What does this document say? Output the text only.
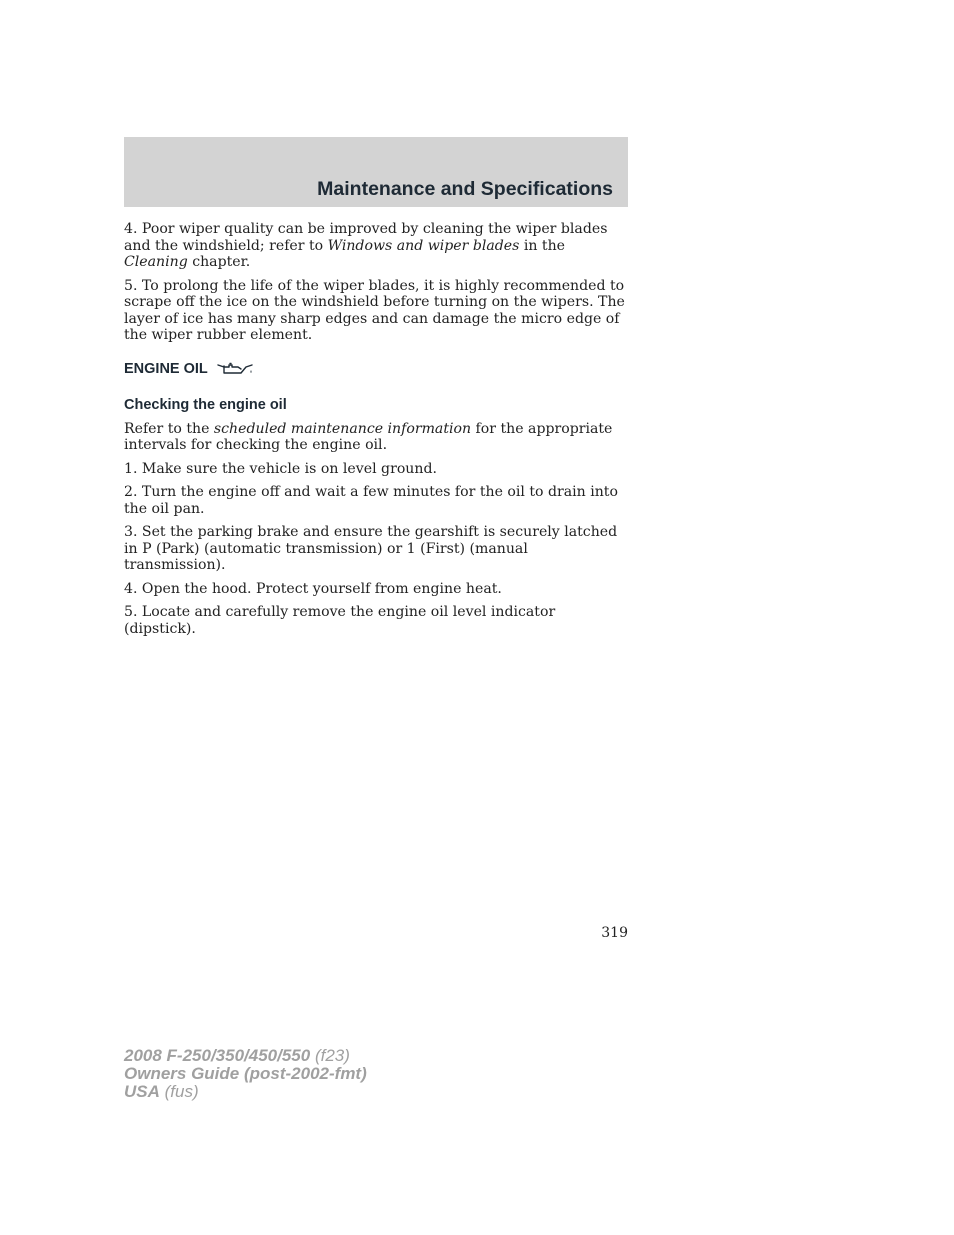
Maintenance and Specifications

4. Poor wiper quality can be improved by cleaning the wiper blades and the windshield; refer to Windows and wiper blades in the Cleaning chapter.

5. To prolong the life of the wiper blades, it is highly recommended to scrape off the ice on the windshield before turning on the wipers. The layer of ice has many sharp edges and can damage the micro edge of the wiper rubber element.

ENGINE OIL
Checking the engine oil

Refer to the scheduled maintenance information for the appropriate intervals for checking the engine oil.

1. Make sure the vehicle is on level ground.

2. Turn the engine off and wait a few minutes for the oil to drain into the oil pan.

3. Set the parking brake and ensure the gearshift is securely latched in P (Park) (automatic transmission) or 1 (First) (manual transmission).

4. Open the hood. Protect yourself from engine heat.

5. Locate and carefully remove the engine oil level indicator (dipstick).

319
2008 F-250/350/450/550 (f23)
Owners Guide (post-2002-fmt)
USA (fus)
